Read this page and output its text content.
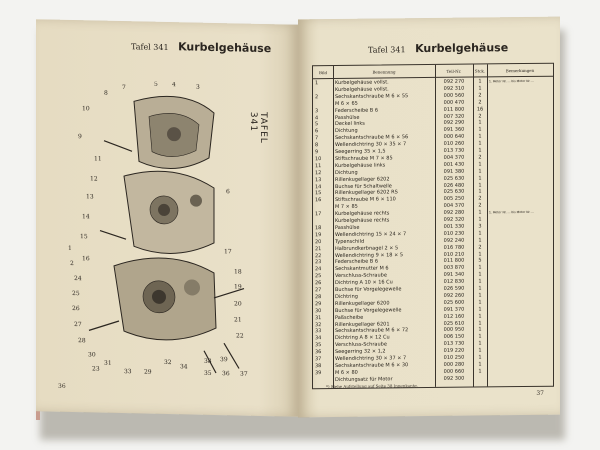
Tafel 341 Kurbelgehäuse
TAFEL 341
10
8
7	5 4	3
9
11
12
13
14
15
16
6
17
18
19
20
21
22
24
25
26
27
28
30
31	32
34
35 36 37
38 39
33 29
23
2
1
36
Tafel 341 Kurbelgehäuse
Bild	Benennung	Teil-Nr.	Stck.	Bemerkungen
1	Kurbelgehäuse vollst.	092 270	1	1. Motor Nr. ... bis Motor Nr. ...
Kurbelgehäuse vollst.	092 310	1
2	Sechskantschraube M 6 × 55	000 560	2
M 6 × 65	000 470	2
3	Federscheibe B 6	011 800	16
4	Passhülse	007 320	2
5	Deckel links	092 290	1
6	Dichtung	091 360	1
7	Sechskantschraube M 6 × 56	000 640	1
8	Wellendichtring 30 × 35 × 7	010 260	1
9	Seegerring 35 × 1,5	013 730	1
10	Stiftschraube M 7 × 85	004 370	2
11	Kurbelgehäuse links	001 430	1
12	Dichtung	091 380	1
13	Rillenkugellager 6202	025 630	1
14	Buchse für Schaltwelle	026 480	1
15	Rillenkugellager 6202 RS	025 630	1
16	Stiftschraube M 6 × 110	005 250	2
M 7 × 85	004 370	2
17	Kurbelgehäuse rechts	092 280	1	1. Motor Nr. ... bis Motor Nr. ...
Kurbelgehäuse rechts	092 320	1
18	Passhülse	001 330	3
19	Wellendichtring 15 × 24 × 7	010 230	1
20	Typenschild	092 240	1
21	Halbrundkerbnagel 2 × 5	016 780	2
22	Wellendichtring 9 × 18 × 5	010 210	1
23	Federscheibe B 6	011 800	5
24	Sechskantmutter M 6	003 870	1
25	Verschluss-Schraube	091 340	1
26	Dichtring A 10 × 16 Cu	012 830	1
27	Buchse für Vorgelegewelle	026 590	1
28	Dichtring	092 260	1
29	Rillenkugellager 6200	025 600	1
30	Buchse für Vorgelegewelle	091 370	1
31	Paßscheibe	012 160	1
32	Rillenkugellager 6201	025 610	1
33	Sechskantschraube M 6 × 72	000 950	1
34	Dichtring A 8 × 12 Cu	006 150	1
35	Verschluss-Schraube	013 730	1
36	Seegerring 32 × 1,2	019 220	1
37	Wellendichtring 30 × 37 × 7	010 250	1
38	Sechskantschraube M 6 × 30	000 280	1
39	M 6 × 80	000 660	1
Dichtungsatz für Motor	092 300
*) Siehe Aufstellung auf Seite 38 Innenkante.
37
